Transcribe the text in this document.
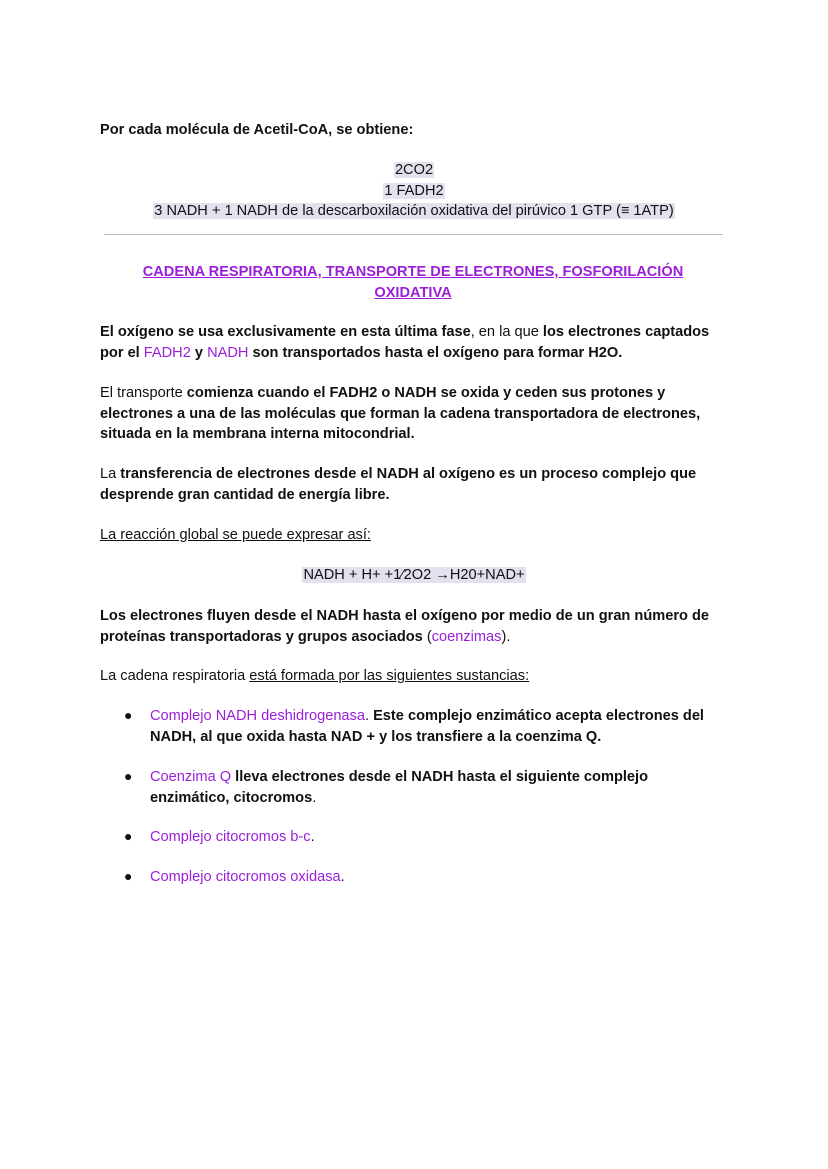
Por cada molécula de Acetil-CoA, se obtiene:
2CO2
1 FADH2
3 NADH + 1 NADH de la descarboxilación oxidativa del pirúvico 1 GTP (≡ 1ATP)
CADENA RESPIRATORIA, TRANSPORTE DE ELECTRONES, FOSFORILACIÓN
OXIDATIVA
El oxígeno se usa exclusivamente en esta última fase, en la que los electrones captados por el FADH2 y NADH son transportados hasta el oxígeno para formar H2O.
El transporte comienza cuando el FADH2 o NADH se oxida y ceden sus protones y electrones a una de las moléculas que forman la cadena transportadora de electrones, situada en la membrana interna mitocondrial.
La transferencia de electrones desde el NADH al oxígeno es un proceso complejo que desprende gran cantidad de energía libre.
La reacción global se puede expresar así:
NADH + H+ +1⁄2O2 →H20+NAD+
Los electrones fluyen desde el NADH hasta el oxígeno por medio de un gran número de proteínas transportadoras y grupos asociados (coenzimas).
La cadena respiratoria está formada por las siguientes sustancias:
●	Complejo NADH deshidrogenasa. Este complejo enzimático acepta electrones del NADH, al que oxida hasta NAD + y los transfiere a la coenzima Q.
●	Coenzima Q lleva electrones desde el NADH hasta el siguiente complejo enzimático, citocromos.
●	Complejo citocromos b-c.
●	Complejo citocromos oxidasa.
